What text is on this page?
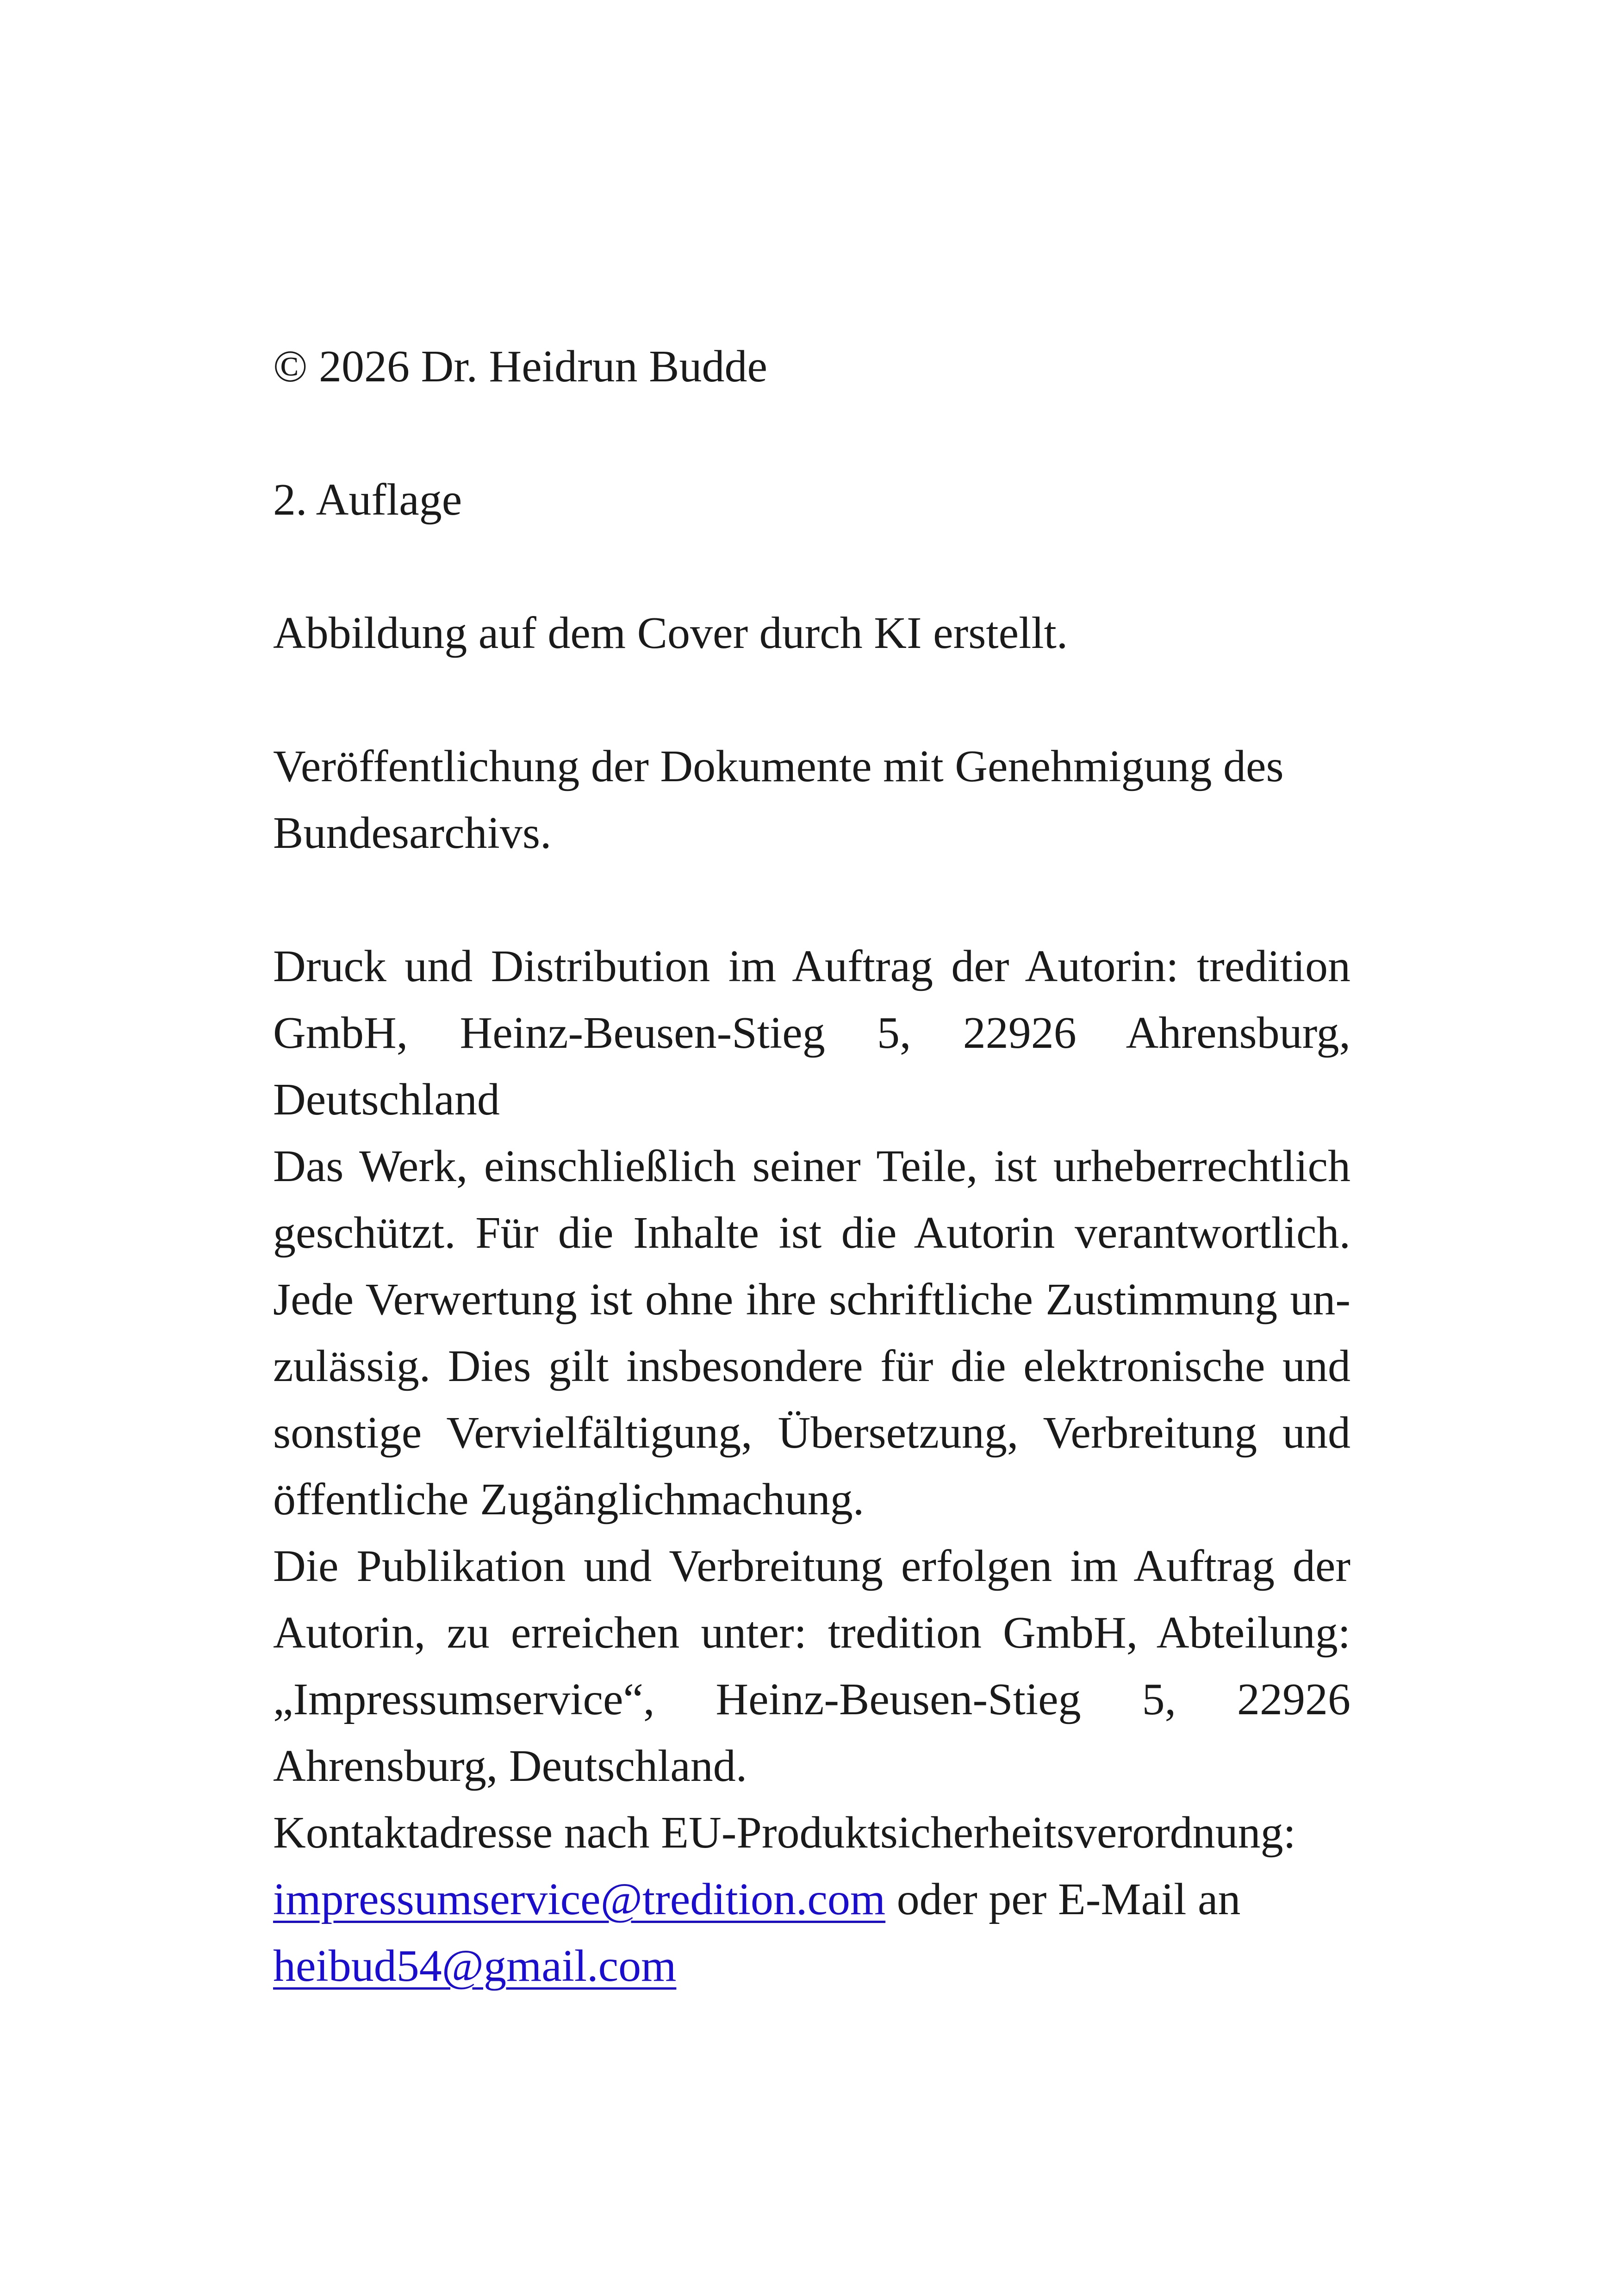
© 2026 Dr. Heidrun Budde

2. Auflage

Abbildung auf dem Cover durch KI erstellt.

Veröffentlichung der Dokumente mit Genehmigung des
Bundesarchivs.

Druck und Distribution im Auftrag der Autorin: tredition
GmbH, Heinz-Beusen-Stieg 5, 22926 Ahrensburg,
Deutschland
Das Werk, einschließlich seiner Teile, ist urheberrechtlich
geschützt. Für die Inhalte ist die Autorin verantwortlich.
Jede Verwertung ist ohne ihre schriftliche Zustimmung un-
zulässig. Dies gilt insbesondere für die elektronische und
sonstige Vervielfältigung, Übersetzung, Verbreitung und
öffentliche Zugänglichmachung.
Die Publikation und Verbreitung erfolgen im Auftrag der
Autorin, zu erreichen unter: tredition GmbH, Abteilung:
„Impressumservice“, Heinz-Beusen-Stieg 5, 22926
Ahrensburg, Deutschland.
Kontaktadresse nach EU-Produktsicherheitsverordnung:
impressumservice@tredition.com oder per E-Mail an
heibud54@gmail.com
